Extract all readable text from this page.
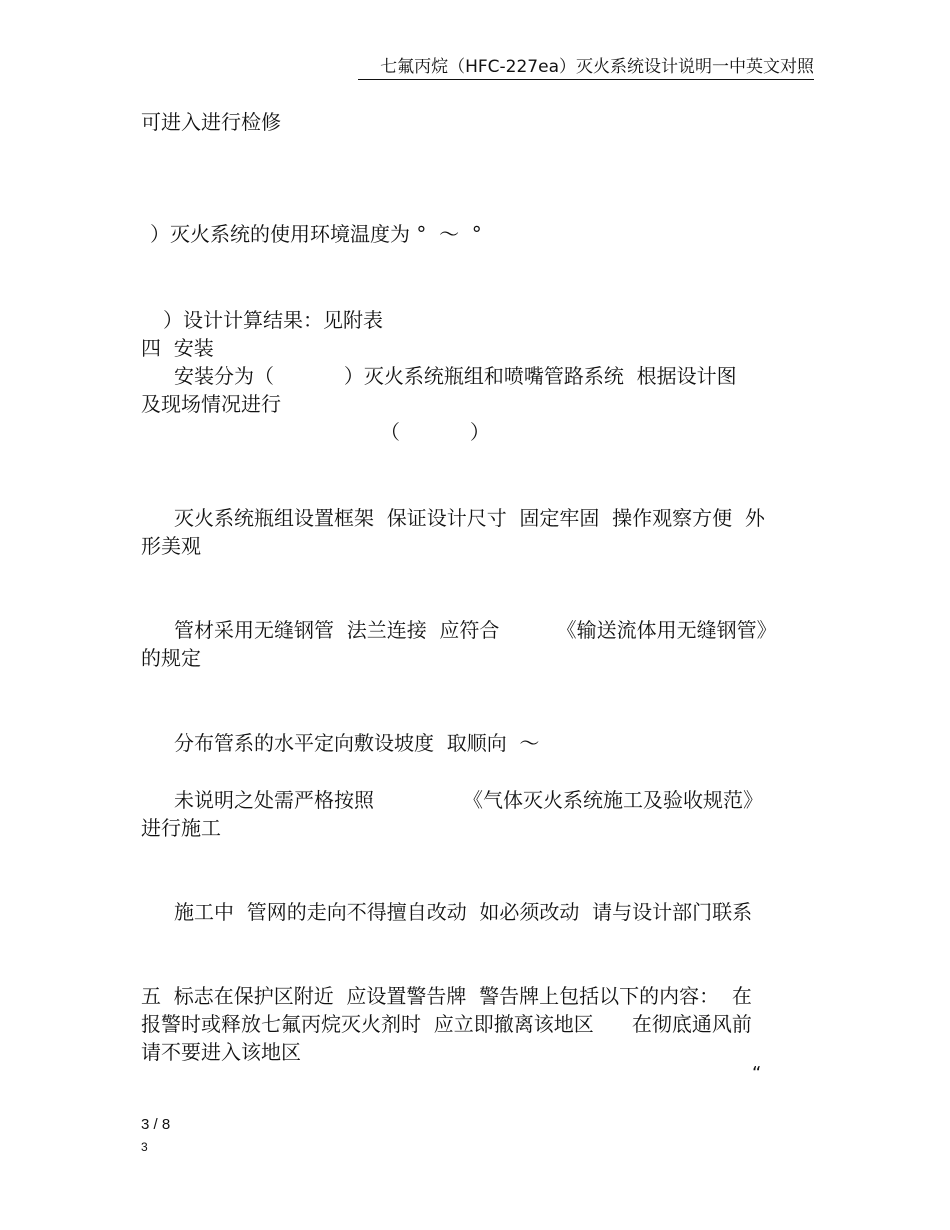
七氟丙烷（HFC-227ea）灭火系统设计说明一中英文对照
可进入进行检修
）灭火系统的使用环境温度为 °  ～  °
）设计计算结果：见附表
四  安装
安装分为（           ）灭火系统瓶组和喷嘴管路系统  根据设计图
及现场情况进行
（           ）
灭火系统瓶组设置框架  保证设计尺寸  固定牢固  操作观察方便  外
形美观
管材采用无缝钢管  法兰连接  应符合         《输送流体用无缝钢管》
的规定
分布管系的水平定向敷设坡度  取顺向  ～
未说明之处需严格按照              《气体灭火系统施工及验收规范》
进行施工
施工中  管网的走向不得擅自改动  如必须改动  请与设计部门联系
五  标志在保护区附近  应设置警告牌  警告牌上包括以下的内容：  在
报警时或释放七氟丙烷灭火剂时  应立即撤离该地区      在彻底通风前
请不要进入该地区
“
3 / 8
3
